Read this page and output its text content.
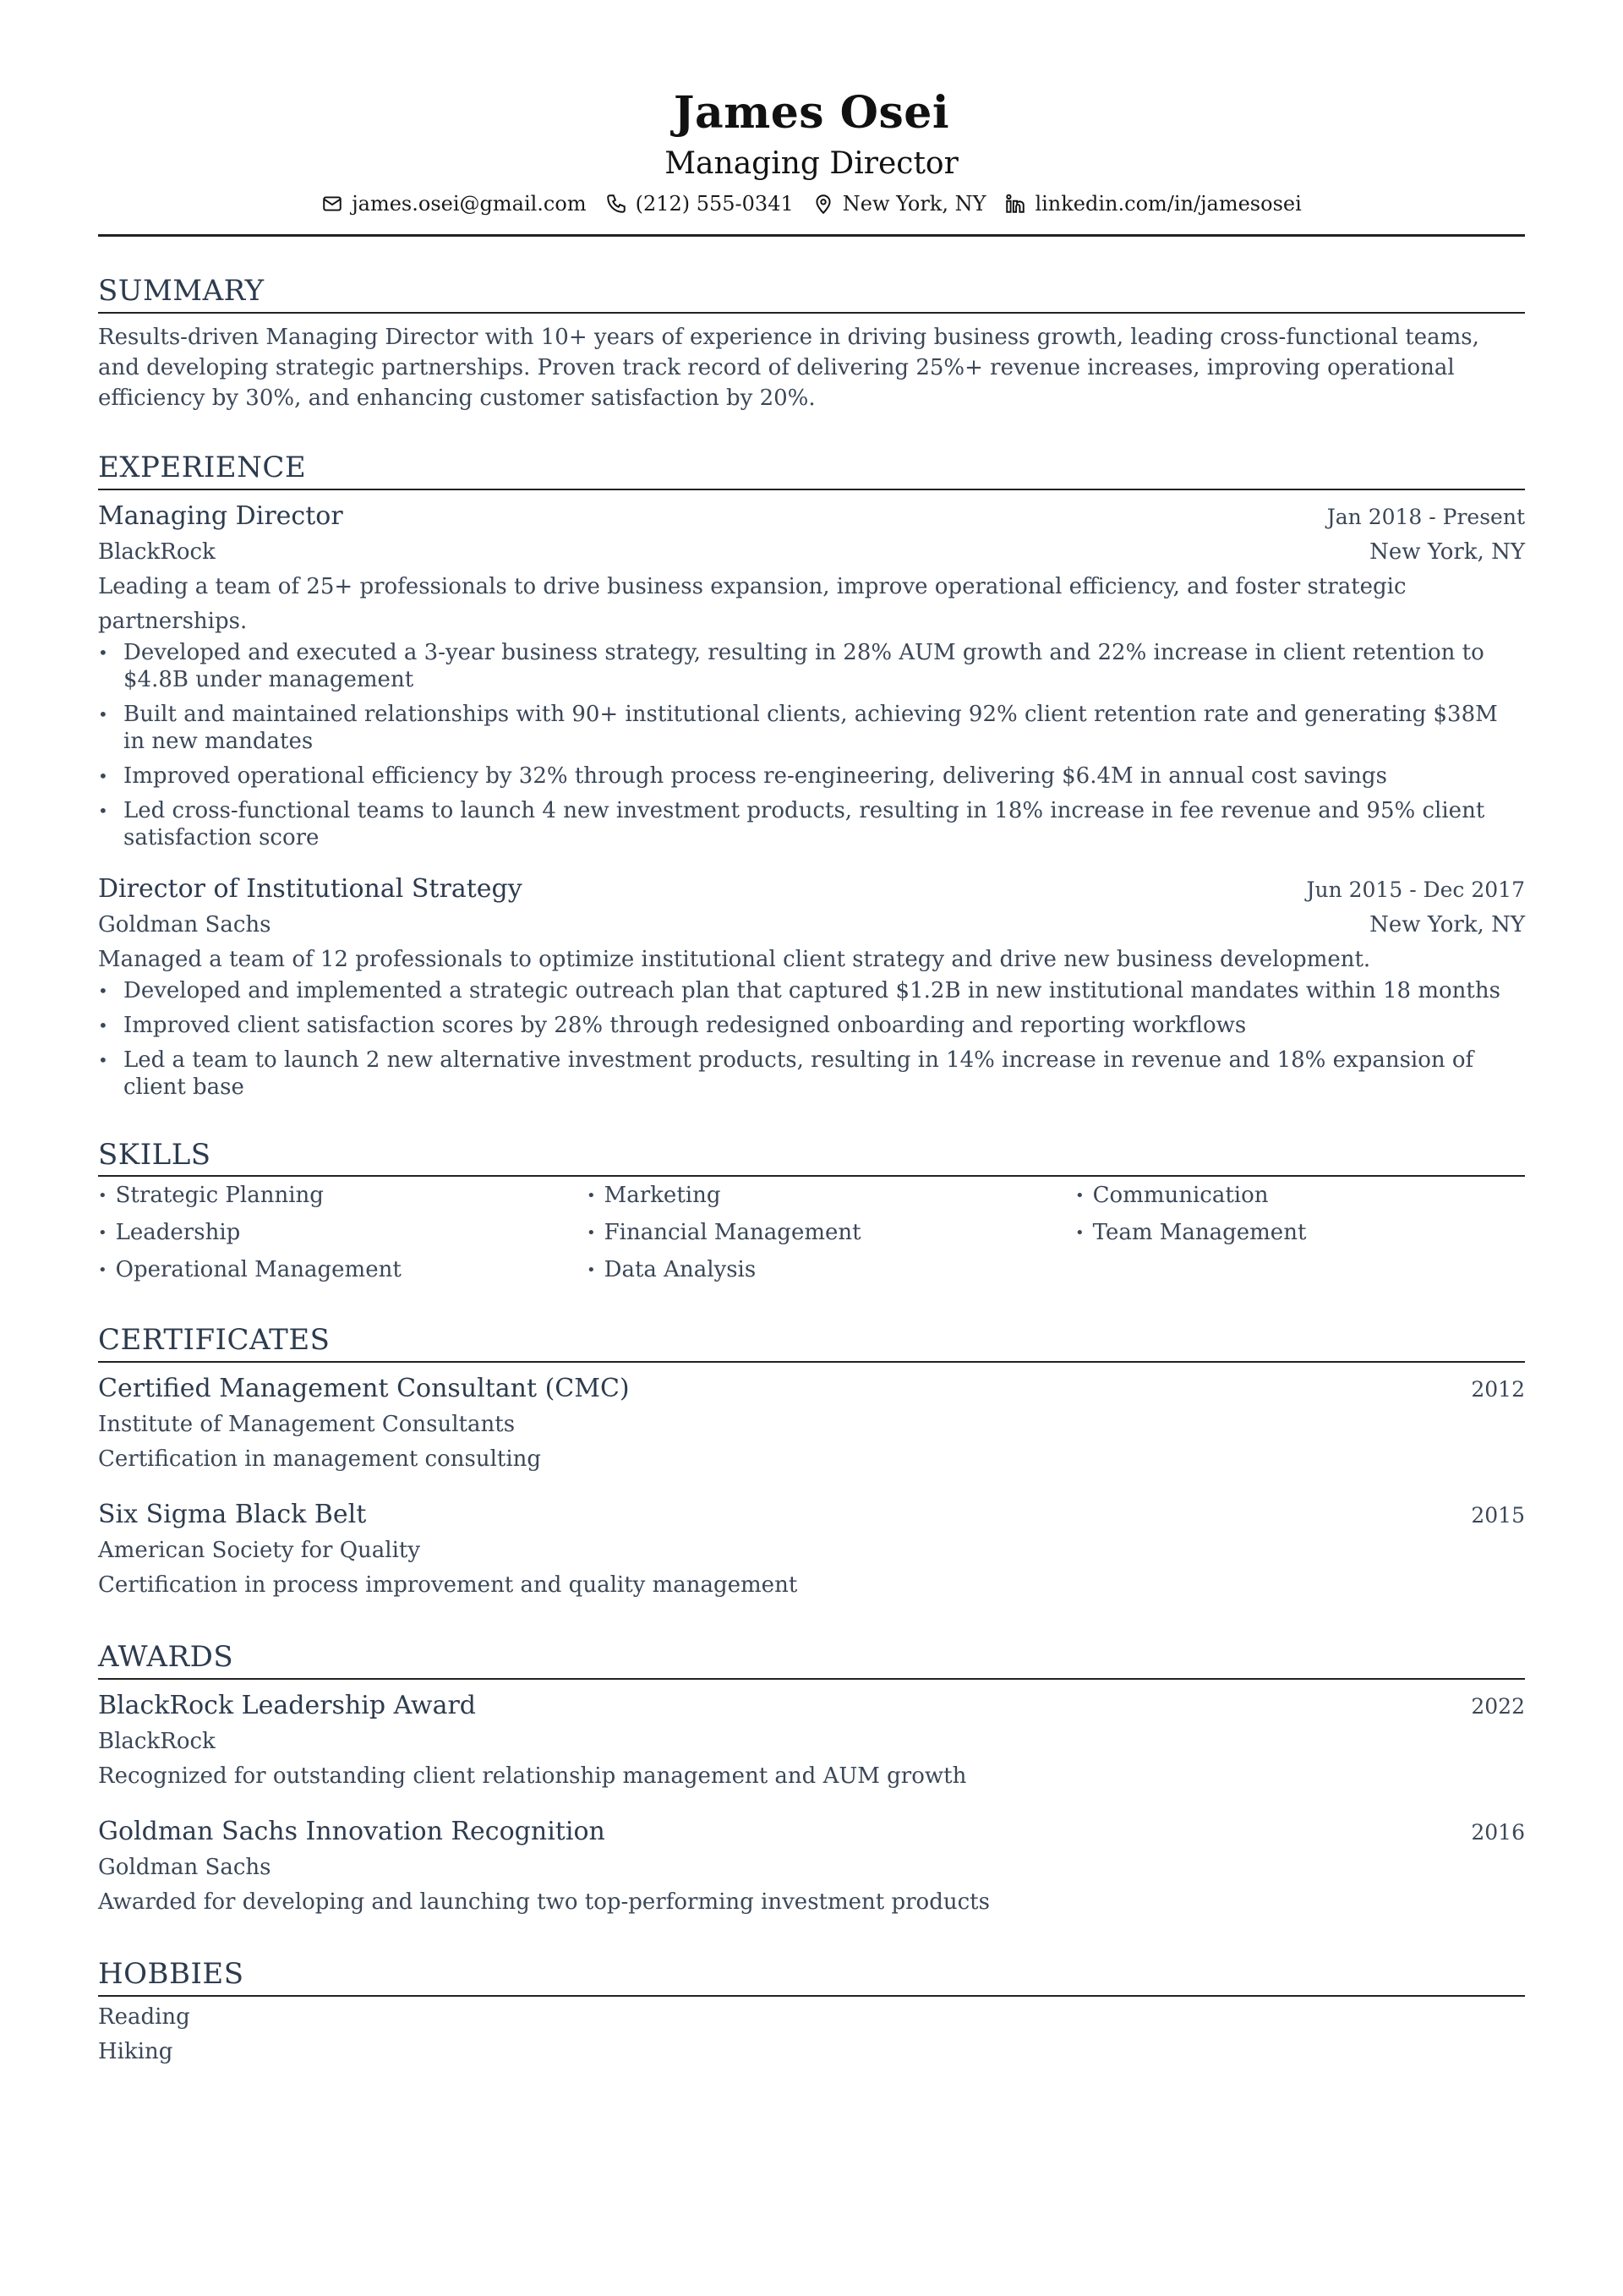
James Osei
Managing Director
james.osei@gmail.com (212) 555-0341 New York, NY linkedin.com/in/jamesosei
SUMMARY
Results-driven Managing Director with 10+ years of experience in driving business growth, leading cross-functional teams, and developing strategic partnerships. Proven track record of delivering 25%+ revenue increases, improving operational efficiency by 30%, and enhancing customer satisfaction by 20%.
EXPERIENCE
Managing Director	Jan 2018 - Present
BlackRock	New York, NY
Leading a team of 25+ professionals to drive business expansion, improve operational efficiency, and foster strategic partnerships.
• Developed and executed a 3-year business strategy, resulting in 28% AUM growth and 22% increase in client retention to $4.8B under management
• Built and maintained relationships with 90+ institutional clients, achieving 92% client retention rate and generating $38M in new mandates
• Improved operational efficiency by 32% through process re-engineering, delivering $6.4M in annual cost savings
• Led cross-functional teams to launch 4 new investment products, resulting in 18% increase in fee revenue and 95% client satisfaction score
Director of Institutional Strategy	Jun 2015 - Dec 2017
Goldman Sachs	New York, NY
Managed a team of 12 professionals to optimize institutional client strategy and drive new business development.
• Developed and implemented a strategic outreach plan that captured $1.2B in new institutional mandates within 18 months
• Improved client satisfaction scores by 28% through redesigned onboarding and reporting workflows
• Led a team to launch 2 new alternative investment products, resulting in 14% increase in revenue and 18% expansion of client base
SKILLS
• Strategic Planning	• Marketing	• Communication
• Leadership	• Financial Management	• Team Management
• Operational Management	• Data Analysis
CERTIFICATES
Certified Management Consultant (CMC)	2012
Institute of Management Consultants
Certification in management consulting
Six Sigma Black Belt	2015
American Society for Quality
Certification in process improvement and quality management
AWARDS
BlackRock Leadership Award	2022
BlackRock
Recognized for outstanding client relationship management and AUM growth
Goldman Sachs Innovation Recognition	2016
Goldman Sachs
Awarded for developing and launching two top-performing investment products
HOBBIES
Reading
Hiking
